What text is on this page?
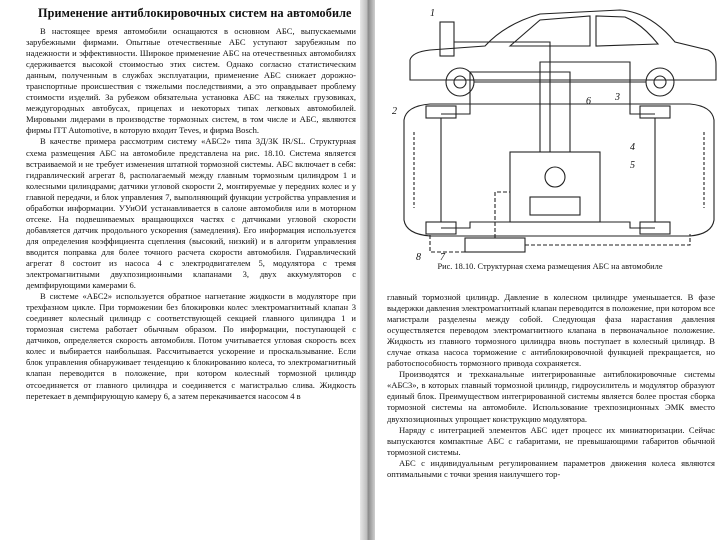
Применение антиблокировочных систем на автомобиле

В настоящее время автомобили оснащаются в основном АБС, выпускаемыми зарубежными фирмами. Опытные отечественные АБС уступают зарубежным по надежности и эффективности. Широкое применение АБС на отечественных автомобилях сдерживается высокой стоимостью этих систем. Однако согласно статистическим данным, полученным в службах эксплуатации, применение АБС снижает дорожно-транспортные происшествия с тяжелыми последствиями, а это оправдывает проблему стоимости изделий. За рубежом обязательна установка АБС на тяжелых грузовиках, междугородных автобусах, прицепах и некоторых типах легковых автомобилей. Мировыми лидерами в производстве тормозных систем, в том числе и АБС, являются фирмы ITT Automotive, в которую входит Teves, и фирма Bosch.

В качестве примера рассмотрим систему «АБС2» типа 3Д/3К IR/SL. Структурная схема размещения АБС на автомобиле представлена на рис. 18.10. Система является встраиваемой и не требует изменения штатной тормозной системы. АБС включает в себя: гидравлический агрегат 8, располагаемый между главным тормозным цилиндром 1 и колесными цилиндрами; датчики угловой скорости 2, монтируемые у передних колес и у главной передачи, и блок управления 7, выполняющий функции устройства управления и обработки информации. УУиОИ устанавливается в салоне автомобиля или в моторном отсеке. На подвешиваемых вращающихся частях с датчиками угловой скорости добавляется датчик продольного ускорения (замедления). Его информация используется для определения коэффициента сцепления (высокий, низкий) и в алгоритм управления вводится поправка для более точного расчета скорости автомобиля. Гидравлический агрегат 8 состоит из насоса 4 с электродвигателем 5, модулятора с тремя электромагнитными двухпозиционными клапанами 3, двух аккумуляторов с демпфирующими камерами 6.

В системе «АБС2» используется обратное нагнетание жидкости в модуляторе при трехфазном цикле. При торможении без блокировки колес электромагнитный клапан 3 соединяет колесный цилиндр с соответствующей секцией главного цилиндра 1 и тормозная система работает обычным образом. По информации, поступающей с датчиков, определяется скорость автомобиля. Потом учитывается угловая скорость всех колес и выбирается наибольшая. Рассчитывается ускорение и проскальзывание. Если блок управления обнаруживает тенденцию к блокированию колеса, то электромагнитный клапан переводится в положение, при котором колесный тормозной цилиндр отсоединяется от главного цилиндра и соединяется с магистралью слива. Жидкость перетекает в демпфирующую камеру 6, а затем перекачивается насосом 4 в

1
2
3
4
5
6
7
8
Рис. 18.10. Структурная схема размещения АБС на автомобиле

главный тормозной цилиндр. Давление в колесном цилиндре уменьшается. В фазе выдержки давления электромагнитный клапан переводится в положение, при котором все магистрали разделены между собой. Следующая фаза нарастания давления осуществляется переводом электромагнитного клапана в первоначальное положение. Жидкость из главного тормозного цилиндра вновь поступает в колесный цилиндр. В случае отказа насоса торможение с антиблокировочной функцией прекращается, но работоспособность тормозного привода сохраняется.

Производятся и трехканальные интегрированные антиблокировочные системы «АБС3», в которых главный тормозной цилиндр, гидроусилитель и модулятор образуют единый блок. Преимуществом интегрированной системы является более простая сборка тормозной системы на автомобиле. Использование трехпозиционных ЭМК вместо двухпозиционных упрощает конструкцию модулятора.

Наряду с интеграцией элементов АБС идет процесс их миниатюризации. Сейчас выпускаются компактные АБС с габаритами, не превышающими габаритов обычной тормозной системы.

АБС с индивидуальным регулированием параметров движения колеса являются оптимальными с точки зрения наилучшего тор-
